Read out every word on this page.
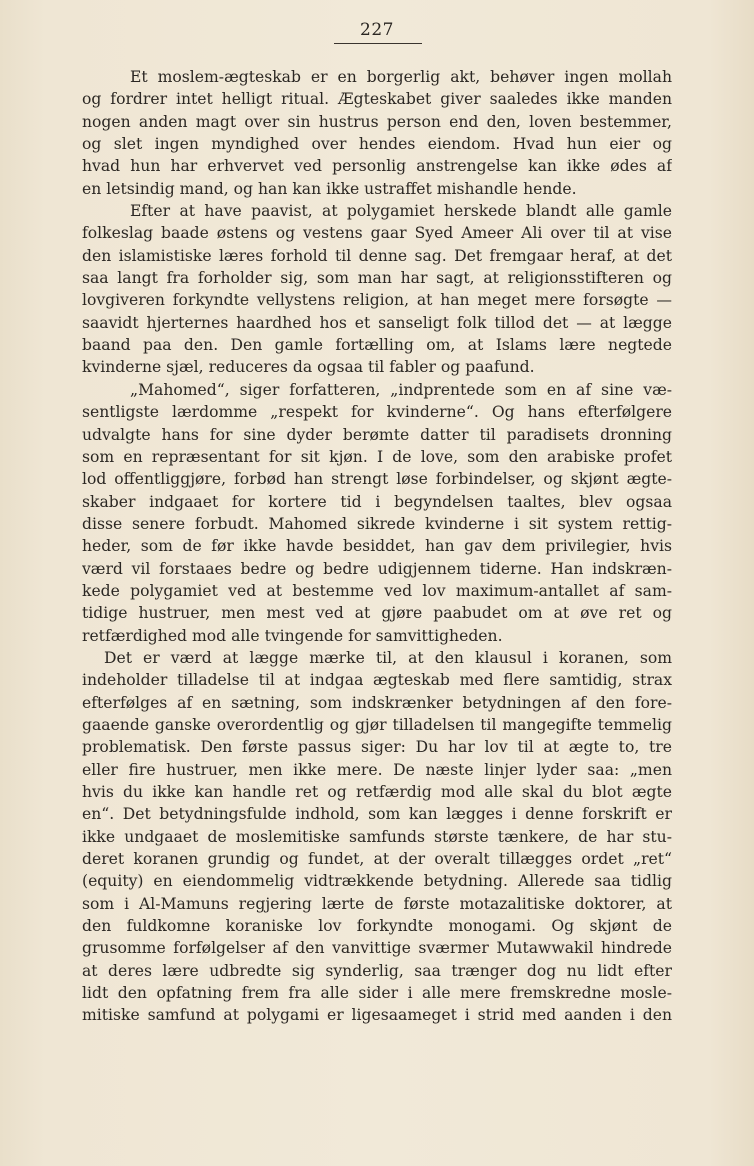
227
Et moslem-ægteskab er en borgerlig akt, behøver ingen mollah
og fordrer intet helligt ritual. Ægteskabet giver saaledes ikke manden
nogen anden magt over sin hustrus person end den, loven bestemmer,
og slet ingen myndighed over hendes eiendom. Hvad hun eier og
hvad hun har erhvervet ved personlig anstrengelse kan ikke ødes af
en letsindig mand, og han kan ikke ustraffet mishandle hende.
Efter at have paavist, at polygamiet herskede blandt alle gamle
folkeslag baade østens og vestens gaar Syed Ameer Ali over til at vise
den islamistiske læres forhold til denne sag. Det fremgaar heraf, at det
saa langt fra forholder sig, som man har sagt, at religionsstifteren og
lovgiveren forkyndte vellystens religion, at han meget mere forsøgte —
saavidt hjerternes haardhed hos et sanseligt folk tillod det — at lægge
baand paa den. Den gamle fortælling om, at Islams lære negtede
kvinderne sjæl, reduceres da ogsaa til fabler og paafund.
„Mahomed“, siger forfatteren, „indprentede som en af sine væ-
sentligste lærdomme „respekt for kvinderne“. Og hans efterfølgere
udvalgte hans for sine dyder berømte datter til paradisets dronning
som en repræsentant for sit kjøn. I de love, som den arabiske profet
lod offentliggjøre, forbød han strengt løse forbindelser, og skjønt ægte-
skaber indgaaet for kortere tid i begyndelsen taaltes, blev ogsaa
disse senere forbudt. Mahomed sikrede kvinderne i sit system rettig-
heder, som de før ikke havde besiddet, han gav dem privilegier, hvis
værd vil forstaaes bedre og bedre udigjennem tiderne. Han indskræn-
kede polygamiet ved at bestemme ved lov maximum-antallet af sam-
tidige hustruer, men mest ved at gjøre paabudet om at øve ret og
retfærdighed mod alle tvingende for samvittigheden.
Det er værd at lægge mærke til, at den klausul i koranen, som
indeholder tilladelse til at indgaa ægteskab med flere samtidig, strax
efterfølges af en sætning, som indskrænker betydningen af den fore-
gaaende ganske overordentlig og gjør tilladelsen til mangegifte temmelig
problematisk. Den første passus siger: Du har lov til at ægte to, tre
eller fire hustruer, men ikke mere. De næste linjer lyder saa: „men
hvis du ikke kan handle ret og retfærdig mod alle skal du blot ægte
en“. Det betydningsfulde indhold, som kan lægges i denne forskrift er
ikke undgaaet de moslemitiske samfunds største tænkere, de har stu-
deret koranen grundig og fundet, at der overalt tillægges ordet „ret“
(equity) en eiendommelig vidtrækkende betydning. Allerede saa tidlig
som i Al-Mamuns regjering lærte de første motazalitiske doktorer, at
den fuldkomne koraniske lov forkyndte monogami. Og skjønt de
grusomme forfølgelser af den vanvittige sværmer Mutawwakil hindrede
at deres lære udbredte sig synderlig, saa trænger dog nu lidt efter
lidt den opfatning frem fra alle sider i alle mere fremskredne mosle-
mitiske samfund at polygami er ligesaameget i strid med aanden i den
